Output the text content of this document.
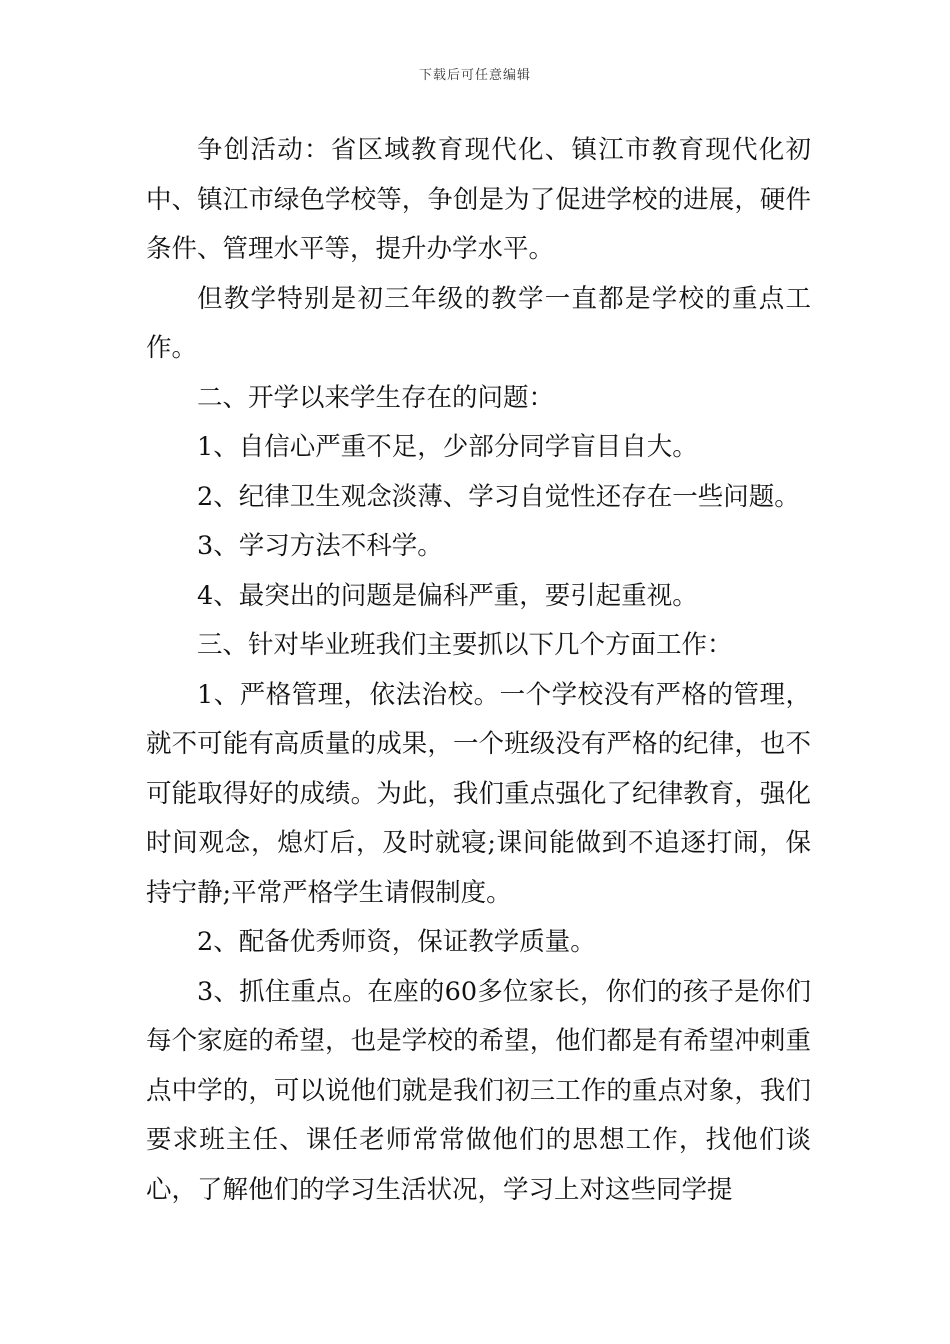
下载后可任意编辑

争创活动：省区域教育现代化、镇江市教育现代化初中、镇江市绿色学校等，争创是为了促进学校的进展，硬件条件、管理水平等，提升办学水平。

但教学特别是初三年级的教学一直都是学校的重点工作。

二、开学以来学生存在的问题：

1、自信心严重不足，少部分同学盲目自大。

2、纪律卫生观念淡薄、学习自觉性还存在一些问题。

3、学习方法不科学。

4、最突出的问题是偏科严重，要引起重视。

三、针对毕业班我们主要抓以下几个方面工作：

1、严格管理，依法治校。一个学校没有严格的管理，就不可能有高质量的成果，一个班级没有严格的纪律，也不可能取得好的成绩。为此，我们重点强化了纪律教育，强化时间观念，熄灯后，及时就寝;课间能做到不追逐打闹，保持宁静;平常严格学生请假制度。

2、配备优秀师资，保证教学质量。

3、抓住重点。在座的60多位家长，你们的孩子是你们每个家庭的希望，也是学校的希望，他们都是有希望冲刺重点中学的，可以说他们就是我们初三工作的重点对象，我们要求班主任、课任老师常常做他们的思想工作，找他们谈心，了解他们的学习生活状况，学习上对这些同学提
